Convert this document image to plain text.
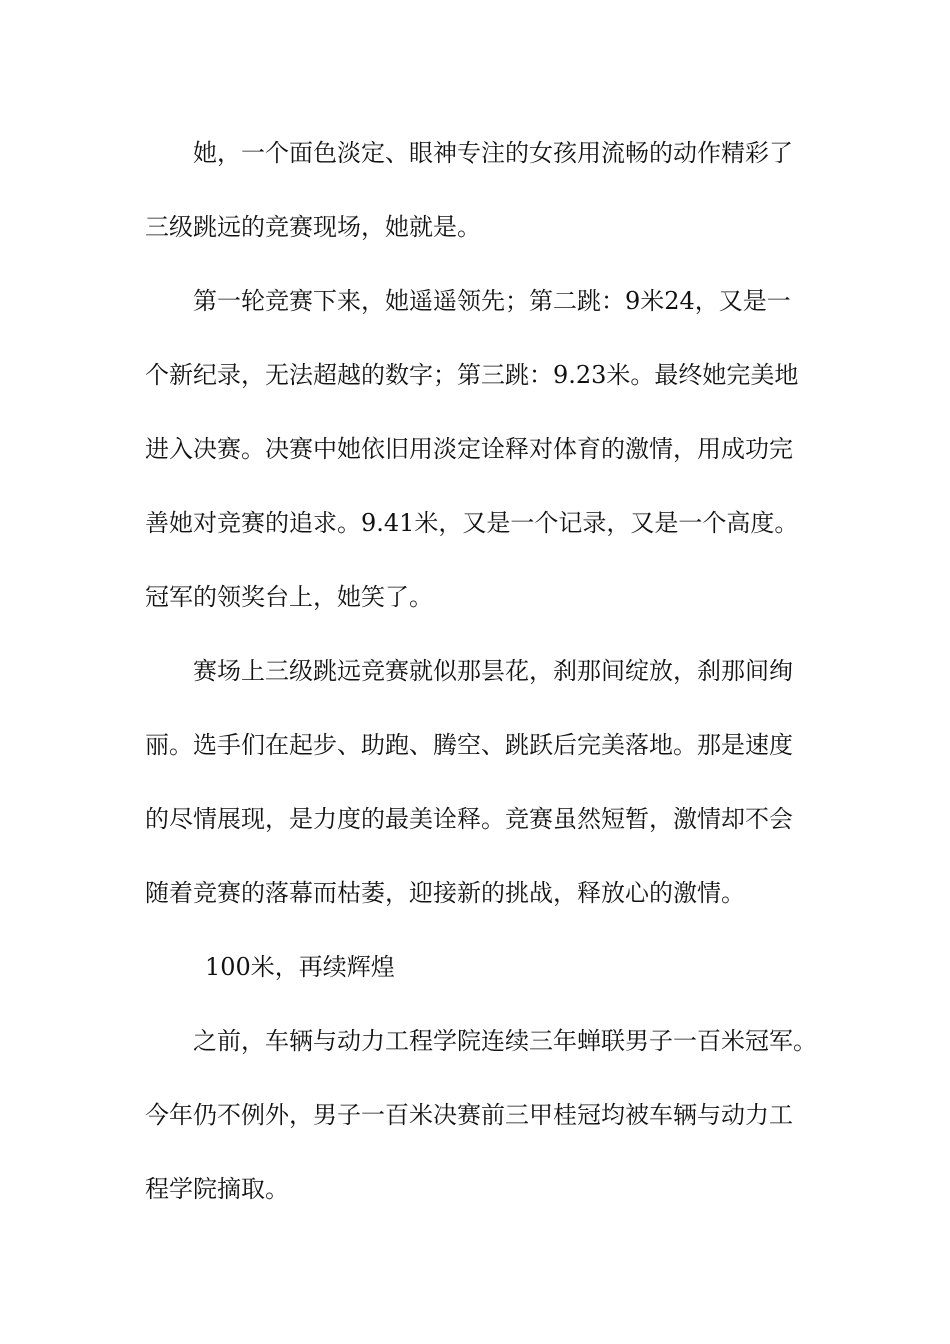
她，一个面色淡定、眼神专注的女孩用流畅的动作精彩了

三级跳远的竞赛现场，她就是。

第一轮竞赛下来，她遥遥领先；第二跳：9米24，又是一

个新纪录，无法超越的数字；第三跳：9.23米。最终她完美地

进入决赛。决赛中她依旧用淡定诠释对体育的激情，用成功完

善她对竞赛的追求。9.41米，又是一个记录，又是一个高度。

冠军的领奖台上，她笑了。

赛场上三级跳远竞赛就似那昙花，刹那间绽放，刹那间绚

丽。选手们在起步、助跑、腾空、跳跃后完美落地。那是速度

的尽情展现，是力度的最美诠释。竞赛虽然短暂，激情却不会

随着竞赛的落幕而枯萎，迎接新的挑战，释放心的激情。

100米，再续辉煌

之前，车辆与动力工程学院连续三年蝉联男子一百米冠军。

今年仍不例外，男子一百米决赛前三甲桂冠均被车辆与动力工

程学院摘取。
